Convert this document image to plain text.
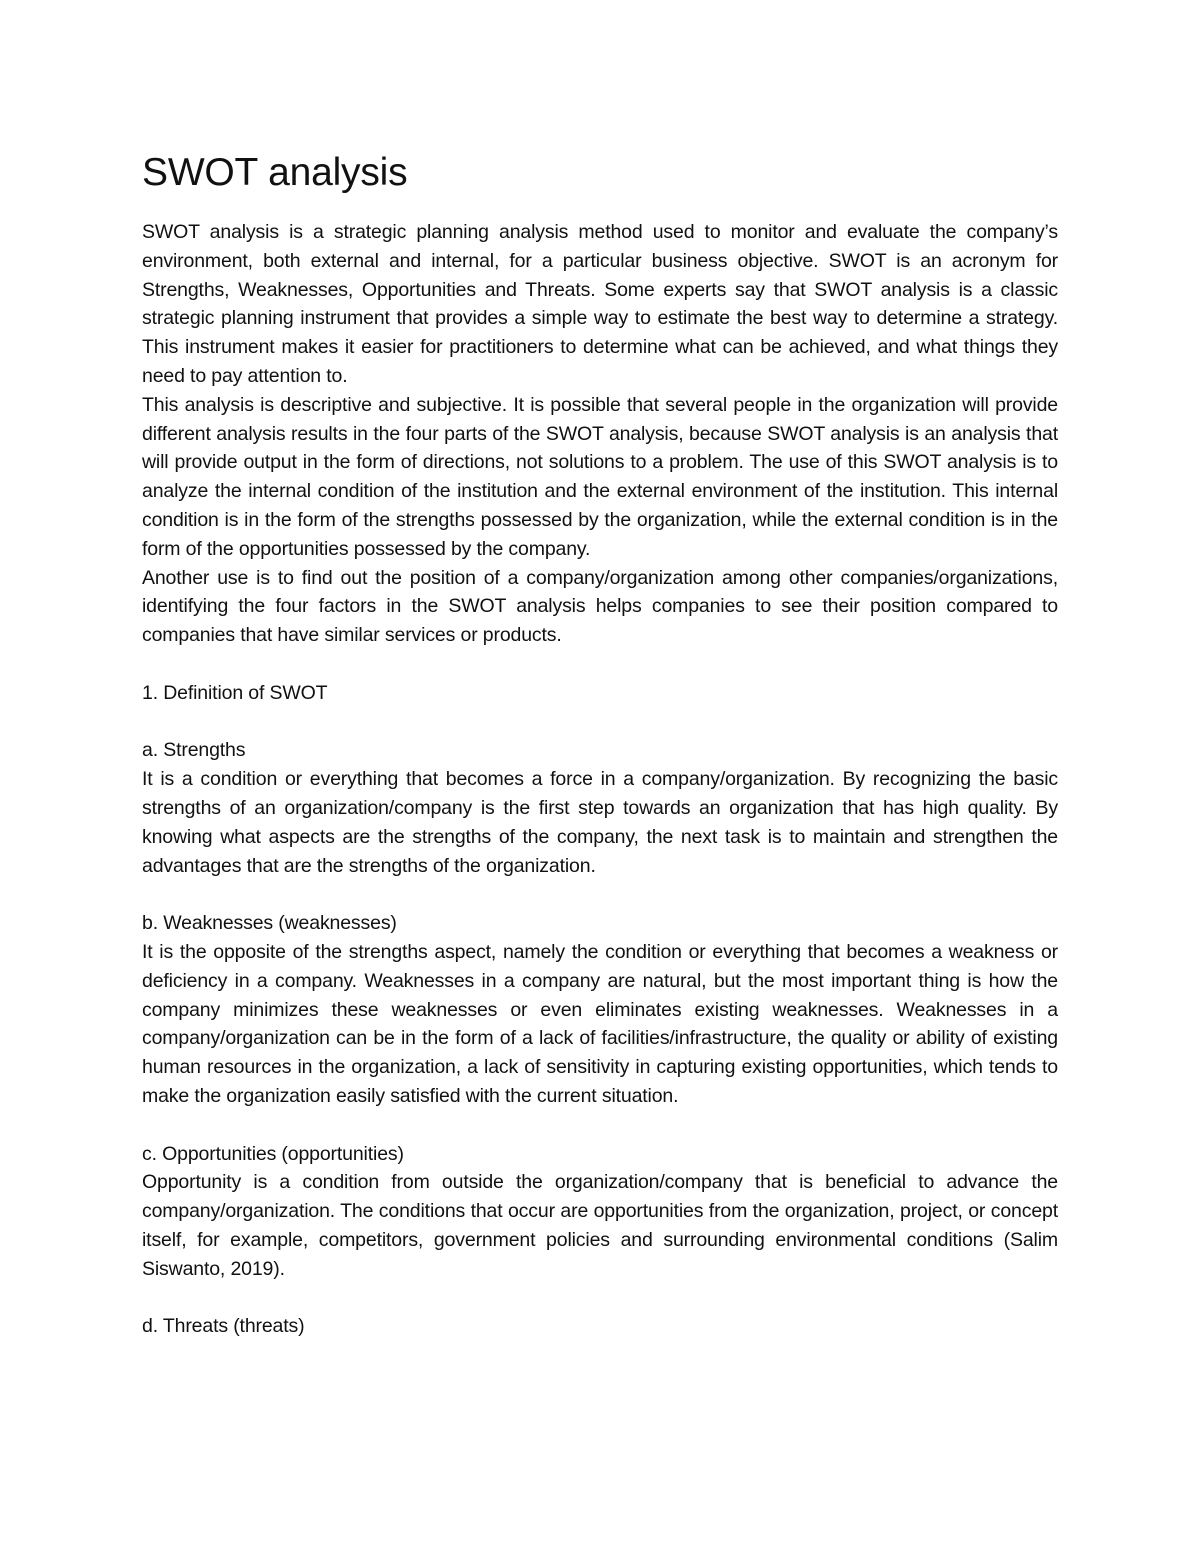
SWOT analysis

SWOT analysis is a strategic planning analysis method used to monitor and evaluate the company’s environment, both external and internal, for a particular business objective. SWOT is an acronym for Strengths, Weaknesses, Opportunities and Threats. Some experts say that SWOT analysis is a classic strategic planning instrument that provides a simple way to estimate the best way to determine a strategy. This instrument makes it easier for practitioners to determine what can be achieved, and what things they need to pay attention to.

This analysis is descriptive and subjective. It is possible that several people in the organization will provide different analysis results in the four parts of the SWOT analysis, because SWOT analysis is an analysis that will provide output in the form of directions, not solutions to a problem. The use of this SWOT analysis is to analyze the internal condition of the institution and the external environment of the institution. This internal condition is in the form of the strengths possessed by the organization, while the external condition is in the form of the opportunities possessed by the company.

Another use is to find out the position of a company/organization among other companies/organizations, identifying the four factors in the SWOT analysis helps companies to see their position compared to companies that have similar services or products.

1. Definition of SWOT

a. Strengths

It is a condition or everything that becomes a force in a company/organization. By recognizing the basic strengths of an organization/company is the first step towards an organization that has high quality. By knowing what aspects are the strengths of the company, the next task is to maintain and strengthen the advantages that are the strengths of the organization.

b. Weaknesses (weaknesses)

It is the opposite of the strengths aspect, namely the condition or everything that becomes a weakness or deficiency in a company. Weaknesses in a company are natural, but the most important thing is how the company minimizes these weaknesses or even eliminates existing weaknesses. Weaknesses in a company/organization can be in the form of a lack of facilities/infrastructure, the quality or ability of existing human resources in the organization, a lack of sensitivity in capturing existing opportunities, which tends to make the organization easily satisfied with the current situation.

c. Opportunities (opportunities)

Opportunity is a condition from outside the organization/company that is beneficial to advance the company/organization. The conditions that occur are opportunities from the organization, project, or concept itself, for example, competitors, government policies and surrounding environmental conditions (Salim Siswanto, 2019).

d. Threats (threats)
